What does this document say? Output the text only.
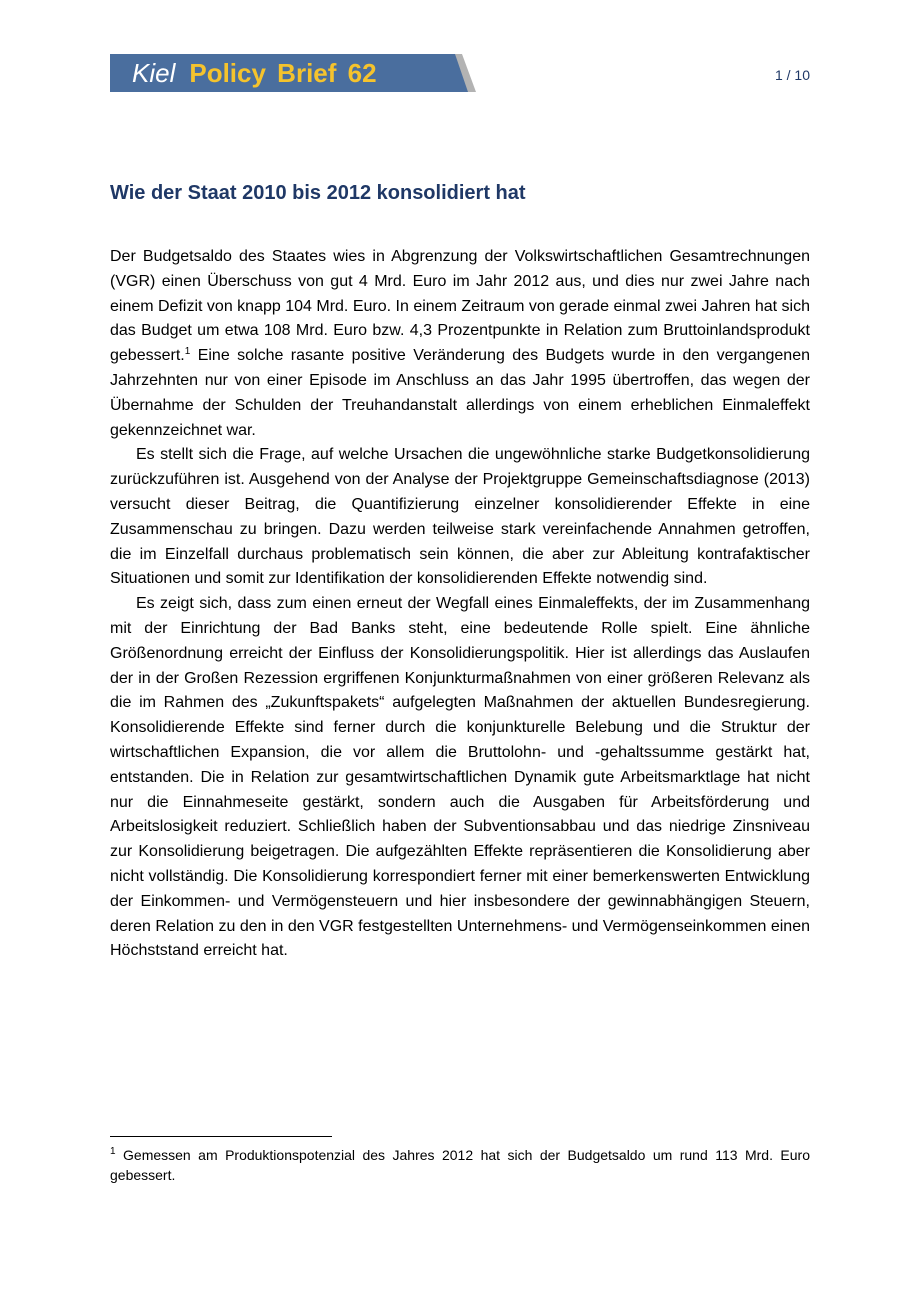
Kiel Policy Brief 62	1 / 10
Wie der Staat 2010 bis 2012 konsolidiert hat

Der Budgetsaldo des Staates wies in Abgrenzung der Volkswirtschaftlichen Gesamtrechnungen (VGR) einen Überschuss von gut 4 Mrd. Euro im Jahr 2012 aus, und dies nur zwei Jahre nach einem Defizit von knapp 104 Mrd. Euro. In einem Zeitraum von gerade einmal zwei Jahren hat sich das Budget um etwa 108 Mrd. Euro bzw. 4,3 Prozentpunkte in Relation zum Bruttoinlandsprodukt gebessert.$^1$ Eine solche rasante positive Veränderung des Budgets wurde in den vergangenen Jahrzehnten nur von einer Episode im Anschluss an das Jahr 1995 übertroffen, das wegen der Übernahme der Schulden der Treuhandanstalt allerdings von einem erheblichen Einmaleffekt gekennzeichnet war.

Es stellt sich die Frage, auf welche Ursachen die ungewöhnliche starke Budgetkonsolidierung zurückzuführen ist. Ausgehend von der Analyse der Projektgruppe Gemeinschaftsdiagnose (2013) versucht dieser Beitrag, die Quantifizierung einzelner konsolidierender Effekte in eine Zusammenschau zu bringen. Dazu werden teilweise stark vereinfachende Annahmen getroffen, die im Einzelfall durchaus problematisch sein können, die aber zur Ableitung kontrafaktischer Situationen und somit zur Identifikation der konsolidierenden Effekte notwendig sind.

Es zeigt sich, dass zum einen erneut der Wegfall eines Einmaleffekts, der im Zusammenhang mit der Einrichtung der Bad Banks steht, eine bedeutende Rolle spielt. Eine ähnliche Größenordnung erreicht der Einfluss der Konsolidierungspolitik. Hier ist allerdings das Auslaufen der in der Großen Rezession ergriffenen Konjunkturmaßnahmen von einer größeren Relevanz als die im Rahmen des „Zukunftspakets“ aufgelegten Maßnahmen der aktuellen Bundesregierung. Konsolidierende Effekte sind ferner durch die konjunkturelle Belebung und die Struktur der wirtschaftlichen Expansion, die vor allem die Bruttolohn- und -gehaltssumme gestärkt hat, entstanden. Die in Relation zur gesamtwirtschaftlichen Dynamik gute Arbeitsmarktlage hat nicht nur die Einnahmeseite gestärkt, sondern auch die Ausgaben für Arbeitsförderung und Arbeitslosigkeit reduziert. Schließlich haben der Subventionsabbau und das niedrige Zinsniveau zur Konsolidierung beigetragen. Die aufgezählten Effekte repräsentieren die Konsolidierung aber nicht vollständig. Die Konsolidierung korrespondiert ferner mit einer bemerkenswerten Entwicklung der Einkommen- und Vermögensteuern und hier insbesondere der gewinnabhängigen Steuern, deren Relation zu den in den VGR festgestellten Unternehmens- und Vermögenseinkommen einen Höchststand erreicht hat.

$^1$ Gemessen am Produktionspotenzial des Jahres 2012 hat sich der Budgetsaldo um rund 113 Mrd. Euro gebessert.
